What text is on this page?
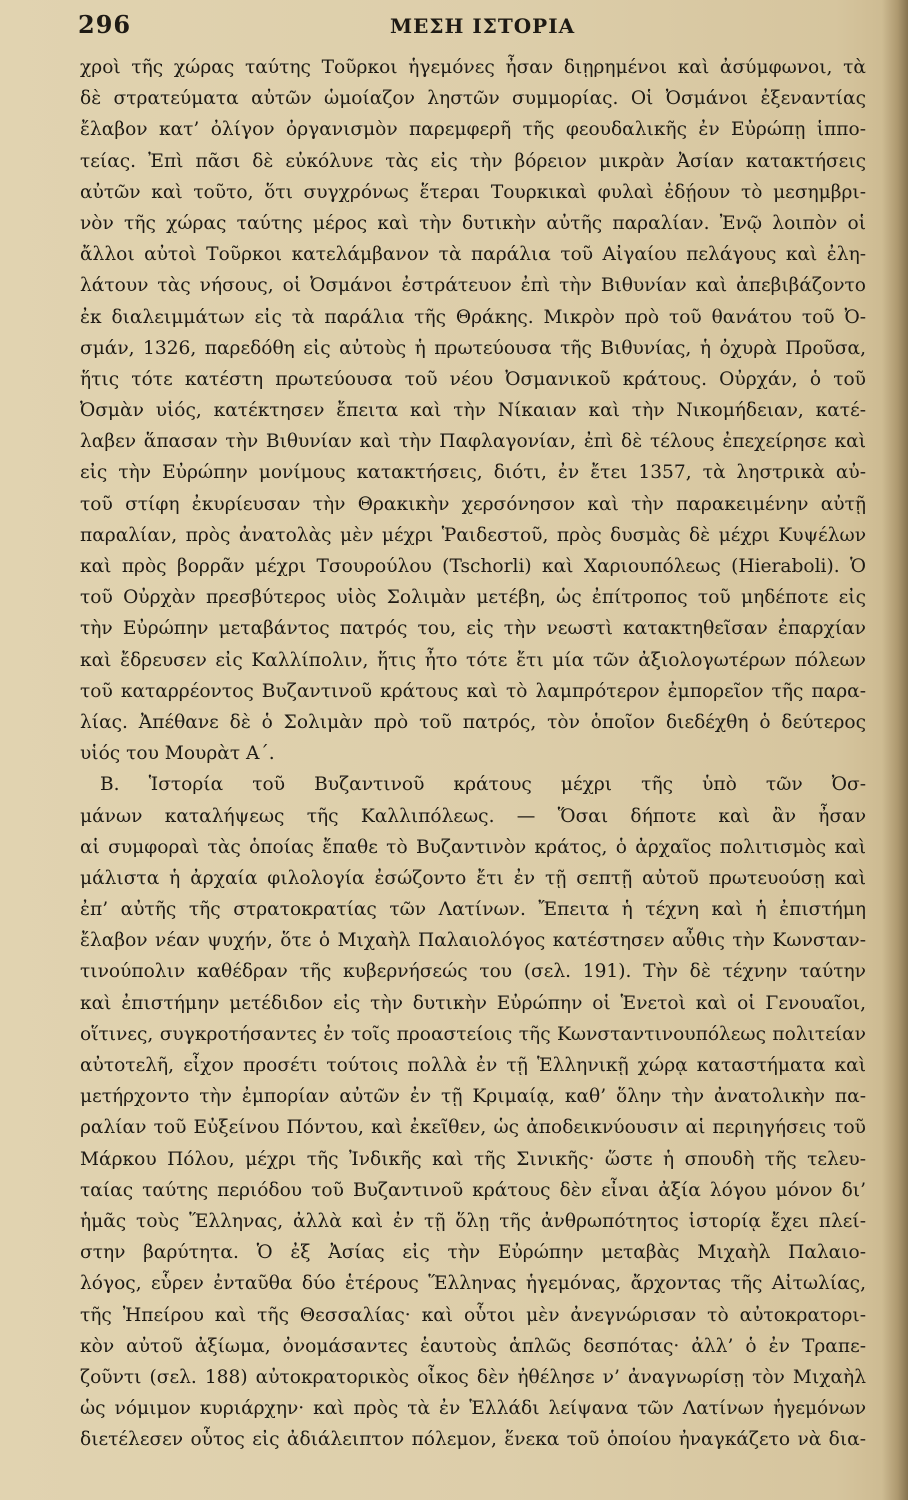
296	ΜΕΣΗ ΙΣΤΟΡΙΑ
χροὶ τῆς χώρας ταύτης Τοῦρκοι ἡγεμόνες ἦσαν διῃρημένοι καὶ ἀσύμφωνοι, τὰ
δὲ στρατεύματα αὐτῶν ὡμοίαζον ληστῶν συμμορίας. Οἱ Ὀσμάνοι ἐξεναντίας
ἔλαβον κατ’ ὀλίγον ὀργανισμὸν παρεμφερῆ τῆς φεουδαλικῆς ἐν Εὐρώπῃ ἱππο-
τείας. Ἐπὶ πᾶσι δὲ εὐκόλυνε τὰς εἰς τὴν βόρειον μικρὰν Ἀσίαν κατακτήσεις
αὐτῶν καὶ τοῦτο, ὅτι συγχρόνως ἕτεραι Τουρκικαὶ φυλαὶ ἐδῄουν τὸ μεσημβρι-
νὸν τῆς χώρας ταύτης μέρος καὶ τὴν δυτικὴν αὐτῆς παραλίαν. Ἐνῷ λοιπὸν οἱ
ἄλλοι αὐτοὶ Τοῦρκοι κατελάμβανον τὰ παράλια τοῦ Αἰγαίου πελάγους καὶ ἐλη-
λάτουν τὰς νήσους, οἱ Ὀσμάνοι ἐστράτευον ἐπὶ τὴν Βιθυνίαν καὶ ἀπεβιβάζοντο
ἐκ διαλειμμάτων εἰς τὰ παράλια τῆς Θράκης. Μικρὸν πρὸ τοῦ θανάτου τοῦ Ὀ-
σμάν, 1326, παρεδόθη εἰς αὐτοὺς ἡ πρωτεύουσα τῆς Βιθυνίας, ἡ ὀχυρὰ Προῦσα,
ἥτις τότε κατέστη πρωτεύουσα τοῦ νέου Ὀσμανικοῦ κράτους. Οὐρχάν, ὁ τοῦ
Ὀσμὰν υἱός, κατέκτησεν ἔπειτα καὶ τὴν Νίκαιαν καὶ τὴν Νικομήδειαν, κατέ-
λαβεν ἅπασαν τὴν Βιθυνίαν καὶ τὴν Παφλαγονίαν, ἐπὶ δὲ τέλους ἐπεχείρησε καὶ
εἰς τὴν Εὐρώπην μονίμους κατακτήσεις, διότι, ἐν ἔτει 1357, τὰ ληστρικὰ αὐ-
τοῦ στίφη ἐκυρίευσαν τὴν Θρακικὴν χερσόνησον καὶ τὴν παρακειμένην αὐτῇ
παραλίαν, πρὸς ἀνατολὰς μὲν μέχρι Ῥαιδεστοῦ, πρὸς δυσμὰς δὲ μέχρι Κυψέλων
καὶ πρὸς βορρᾶν μέχρι Τσουρούλου (Tschorli) καὶ Χαριουπόλεως (Hieraboli). Ὁ
τοῦ Οὐρχὰν πρεσβύτερος υἱὸς Σολιμὰν μετέβη, ὡς ἐπίτροπος τοῦ μηδέποτε εἰς
τὴν Εὐρώπην μεταβάντος πατρός του, εἰς τὴν νεωστὶ κατακτηθεῖσαν ἐπαρχίαν
καὶ ἔδρευσεν εἰς Καλλίπολιν, ἥτις ἦτο τότε ἔτι μία τῶν ἀξιολογωτέρων πόλεων
τοῦ καταρρέοντος Βυζαντινοῦ κράτους καὶ τὸ λαμπρότερον ἐμπορεῖον τῆς παρα-
λίας. Ἀπέθανε δὲ ὁ Σολιμὰν πρὸ τοῦ πατρός, τὸν ὁποῖον διεδέχθη ὁ δεύτερος
υἱός του Μουρὰτ Α΄.
Β. Ἱστορία τοῦ Βυζαντινοῦ κράτους μέχρι τῆς ὑπὸ τῶν Ὀσ-
μάνων καταλήψεως τῆς Καλλιπόλεως. — Ὅσαι δήποτε καὶ ἂν ἦσαν
αἱ συμφοραὶ τὰς ὁποίας ἔπαθε τὸ Βυζαντινὸν κράτος, ὁ ἀρχαῖος πολιτισμὸς καὶ
μάλιστα ἡ ἀρχαία φιλολογία ἐσώζοντο ἔτι ἐν τῇ σεπτῇ αὐτοῦ πρωτευούσῃ καὶ
ἐπ’ αὐτῆς τῆς στρατοκρατίας τῶν Λατίνων. Ἔπειτα ἡ τέχνη καὶ ἡ ἐπιστήμη
ἔλαβον νέαν ψυχήν, ὅτε ὁ Μιχαὴλ Παλαιολόγος κατέστησεν αὖθις τὴν Κωνσταν-
τινούπολιν καθέδραν τῆς κυβερνήσεώς του (σελ. 191). Τὴν δὲ τέχνην ταύτην
καὶ ἐπιστήμην μετέδιδον εἰς τὴν δυτικὴν Εὐρώπην οἱ Ἑνετοὶ καὶ οἱ Γενουαῖοι,
οἵτινες, συγκροτήσαντες ἐν τοῖς προαστείοις τῆς Κωνσταντινουπόλεως πολιτείαν
αὐτοτελῆ, εἶχον προσέτι τούτοις πολλὰ ἐν τῇ Ἑλληνικῇ χώρᾳ καταστήματα καὶ
μετήρχοντο τὴν ἐμπορίαν αὐτῶν ἐν τῇ Κριμαίᾳ, καθ’ ὅλην τὴν ἀνατολικὴν πα-
ραλίαν τοῦ Εὐξείνου Πόντου, καὶ ἐκεῖθεν, ὡς ἀποδεικνύουσιν αἱ περιηγήσεις τοῦ
Μάρκου Πόλου, μέχρι τῆς Ἰνδικῆς καὶ τῆς Σινικῆς· ὥστε ἡ σπουδὴ τῆς τελευ-
ταίας ταύτης περιόδου τοῦ Βυζαντινοῦ κράτους δὲν εἶναι ἀξία λόγου μόνον δι’
ἡμᾶς τοὺς Ἕλληνας, ἀλλὰ καὶ ἐν τῇ ὅλῃ τῆς ἀνθρωπότητος ἱστορίᾳ ἔχει πλεί-
στην βαρύτητα. Ὁ ἐξ Ἀσίας εἰς τὴν Εὐρώπην μεταβὰς Μιχαὴλ Παλαιο-
λόγος, εὗρεν ἐνταῦθα δύο ἑτέρους Ἕλληνας ἡγεμόνας, ἄρχοντας τῆς Αἰτωλίας,
τῆς Ἠπείρου καὶ τῆς Θεσσαλίας· καὶ οὗτοι μὲν ἀνεγνώρισαν τὸ αὐτοκρατορι-
κὸν αὐτοῦ ἀξίωμα, ὀνομάσαντες ἑαυτοὺς ἁπλῶς δεσπότας· ἀλλ’ ὁ ἐν Τραπε-
ζοῦντι (σελ. 188) αὐτοκρατορικὸς οἶκος δὲν ἠθέλησε ν’ ἀναγνωρίσῃ τὸν Μιχαὴλ
ὡς νόμιμον κυριάρχην· καὶ πρὸς τὰ ἐν Ἑλλάδι λείψανα τῶν Λατίνων ἡγεμόνων
διετέλεσεν οὗτος εἰς ἀδιάλειπτον πόλεμον, ἕνεκα τοῦ ὁποίου ἠναγκάζετο νὰ δια-
